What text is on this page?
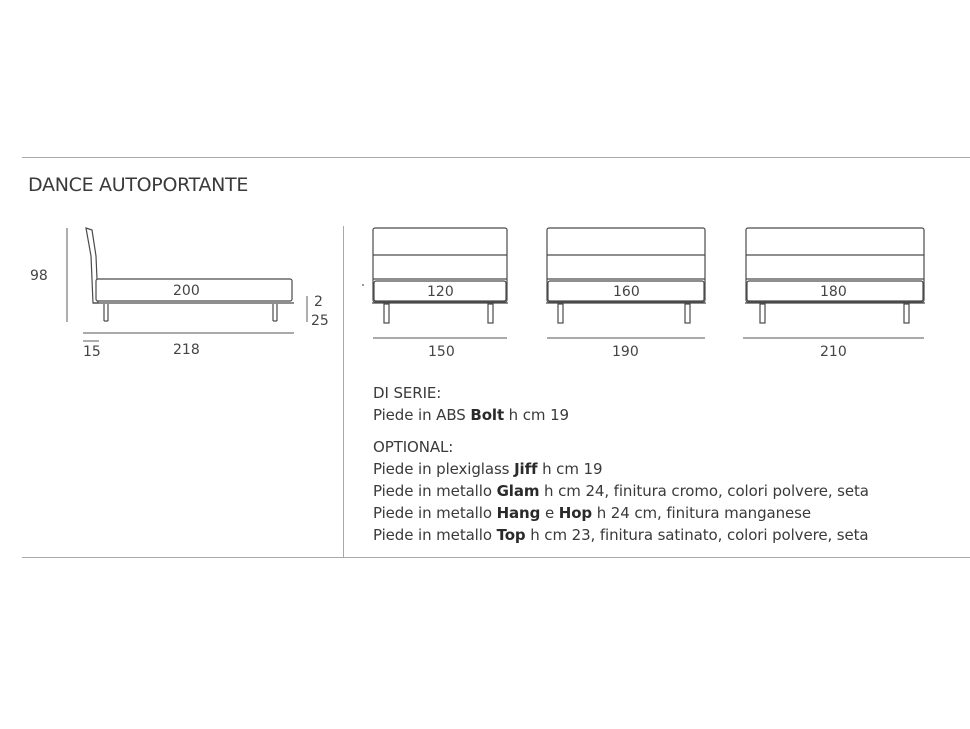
DANCE AUTOPORTANTE
98
200
2
25
15	218
120
150
160
190
180
210
DI SERIE:
Piede in ABS Bolt h cm 19
OPTIONAL:
Piede in plexiglass Jiff h cm 19
Piede in metallo Glam h cm 24, finitura cromo, colori polvere, seta
Piede in metallo Hang e Hop h 24 cm, finitura manganese
Piede in metallo Top h cm 23, finitura satinato, colori polvere, seta
